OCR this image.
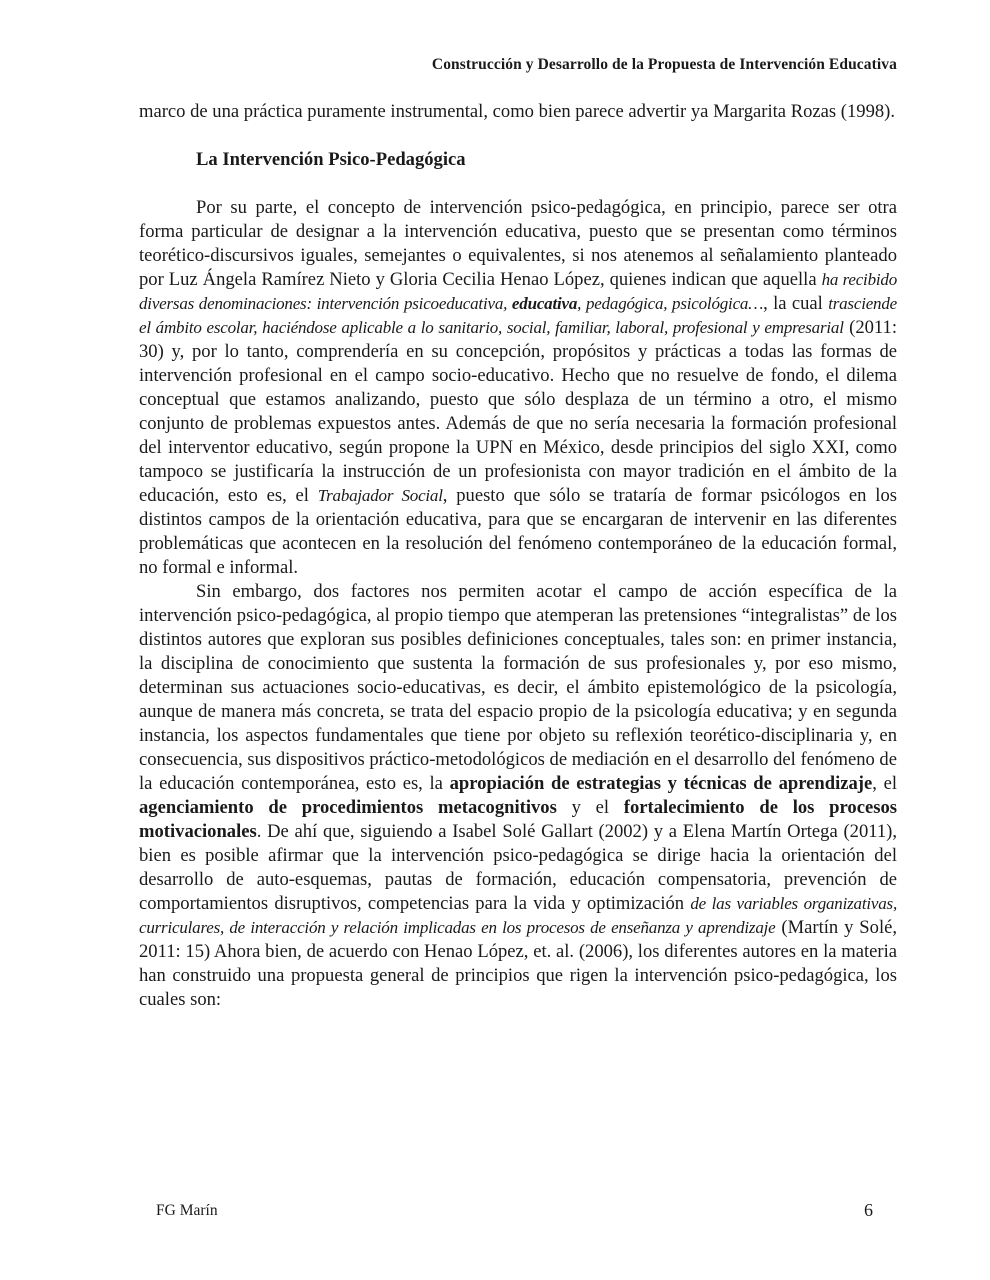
Construcción y Desarrollo de la Propuesta de Intervención Educativa

marco de una práctica puramente instrumental, como bien parece advertir ya Margarita Rozas (1998).

La Intervención Psico-Pedagógica

Por su parte, el concepto de intervención psico-pedagógica, en principio, parece ser otra forma particular de designar a la intervención educativa, puesto que se presentan como términos teorético-discursivos iguales, semejantes o equivalentes, si nos atenemos al señalamiento planteado por Luz Ángela Ramírez Nieto y Gloria Cecilia Henao López, quienes indican que aquella ha recibido diversas denominaciones: intervención psicoeducativa, educativa, pedagógica, psicológica…, la cual trasciende el ámbito escolar, haciéndose aplicable a lo sanitario, social, familiar, laboral, profesional y empresarial (2011: 30) y, por lo tanto, comprendería en su concepción, propósitos y prácticas a todas las formas de intervención profesional en el campo socio-educativo. Hecho que no resuelve de fondo, el dilema conceptual que estamos analizando, puesto que sólo desplaza de un término a otro, el mismo conjunto de problemas expuestos antes. Además de que no sería necesaria la formación profesional del interventor educativo, según propone la UPN en México, desde principios del siglo XXI, como tampoco se justificaría la instrucción de un profesionista con mayor tradición en el ámbito de la educación, esto es, el Trabajador Social, puesto que sólo se trataría de formar psicólogos en los distintos campos de la orientación educativa, para que se encargaran de intervenir en las diferentes problemáticas que acontecen en la resolución del fenómeno contemporáneo de la educación formal, no formal e informal.

Sin embargo, dos factores nos permiten acotar el campo de acción específica de la intervención psico-pedagógica, al propio tiempo que atemperan las pretensiones “integralistas” de los distintos autores que exploran sus posibles definiciones conceptuales, tales son: en primer instancia, la disciplina de conocimiento que sustenta la formación de sus profesionales y, por eso mismo, determinan sus actuaciones socio-educativas, es decir, el ámbito epistemológico de la psicología, aunque de manera más concreta, se trata del espacio propio de la psicología educativa; y en segunda instancia, los aspectos fundamentales que tiene por objeto su reflexión teorético-disciplinaria y, en consecuencia, sus dispositivos práctico-metodológicos de mediación en el desarrollo del fenómeno de la educación contemporánea, esto es, la apropiación de estrategias y técnicas de aprendizaje, el agenciamiento de procedimientos metacognitivos y el fortalecimiento de los procesos motivacionales. De ahí que, siguiendo a Isabel Solé Gallart (2002) y a Elena Martín Ortega (2011), bien es posible afirmar que la intervención psico-pedagógica se dirige hacia la orientación del desarrollo de auto-esquemas, pautas de formación, educación compensatoria, prevención de comportamientos disruptivos, competencias para la vida y optimización de las variables organizativas, curriculares, de interacción y relación implicadas en los procesos de enseñanza y aprendizaje (Martín y Solé, 2011: 15) Ahora bien, de acuerdo con Henao López, et. al. (2006), los diferentes autores en la materia han construido una propuesta general de principios que rigen la intervención psico-pedagógica, los cuales son:

FG Marín	6
